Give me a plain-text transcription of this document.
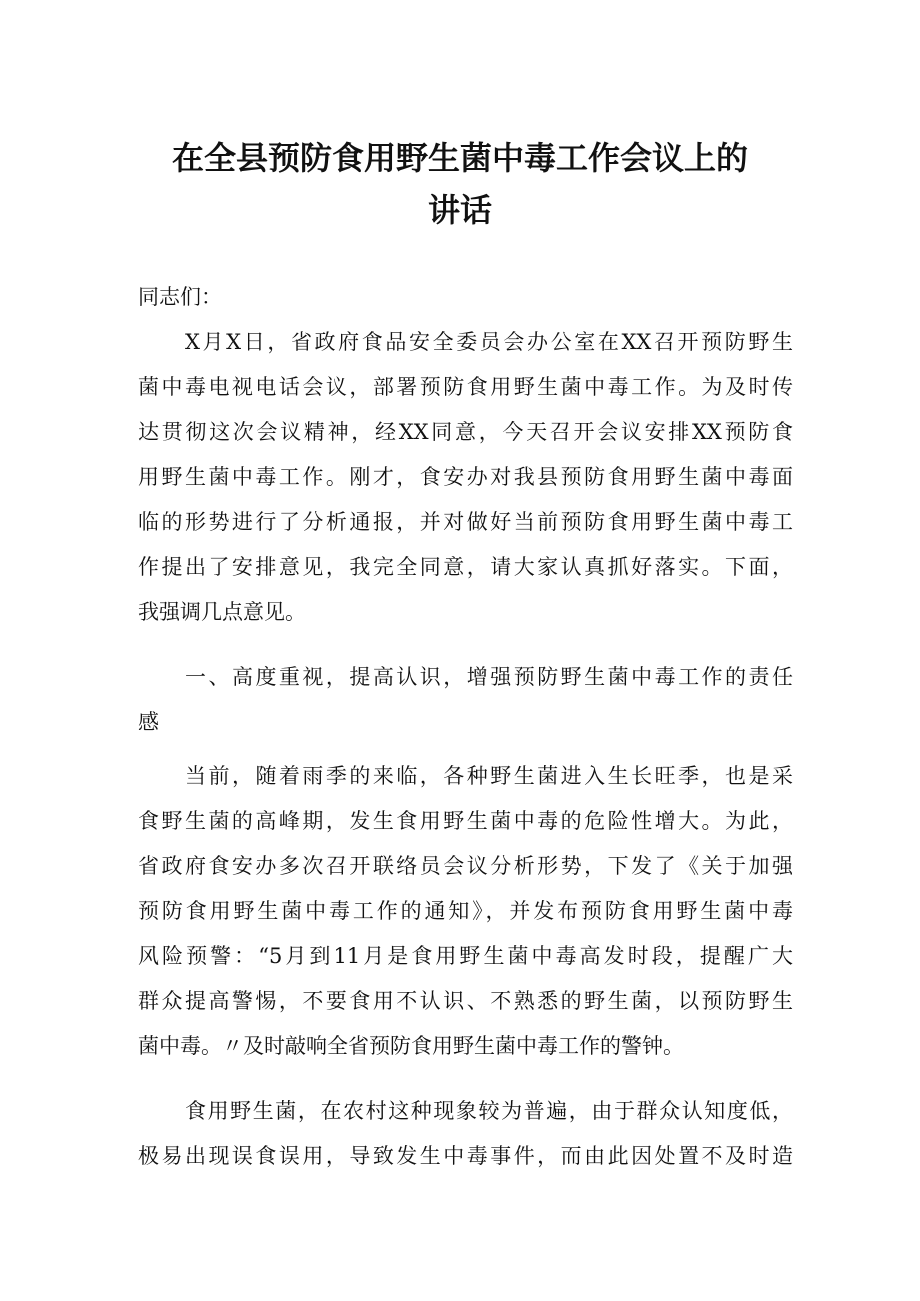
在全县预防食用野生菌中毒工作会议上的
讲话
同志们：
X月X日，省政府食品安全委员会办公室在XX召开预防野生
菌中毒电视电话会议，部署预防食用野生菌中毒工作。为及时传
达贯彻这次会议精神，经XX同意，今天召开会议安排XX预防食
用野生菌中毒工作。刚才，食安办对我县预防食用野生菌中毒面
临的形势进行了分析通报，并对做好当前预防食用野生菌中毒工
作提出了安排意见，我完全同意，请大家认真抓好落实。下面，
我强调几点意见。
一、高度重视，提高认识，增强预防野生菌中毒工作的责任
感
当前，随着雨季的来临，各种野生菌进入生长旺季，也是采
食野生菌的高峰期，发生食用野生菌中毒的危险性增大。为此，
省政府食安办多次召开联络员会议分析形势，下发了《关于加强
预防食用野生菌中毒工作的通知》，并发布预防食用野生菌中毒
风险预警：“5月到11月是食用野生菌中毒高发时段，提醒广大
群众提高警惕，不要食用不认识、不熟悉的野生菌，以预防野生
菌中毒。〃及时敲响全省预防食用野生菌中毒工作的警钟。
食用野生菌，在农村这种现象较为普遍，由于群众认知度低，
极易出现误食误用，导致发生中毒事件，而由此因处置不及时造
